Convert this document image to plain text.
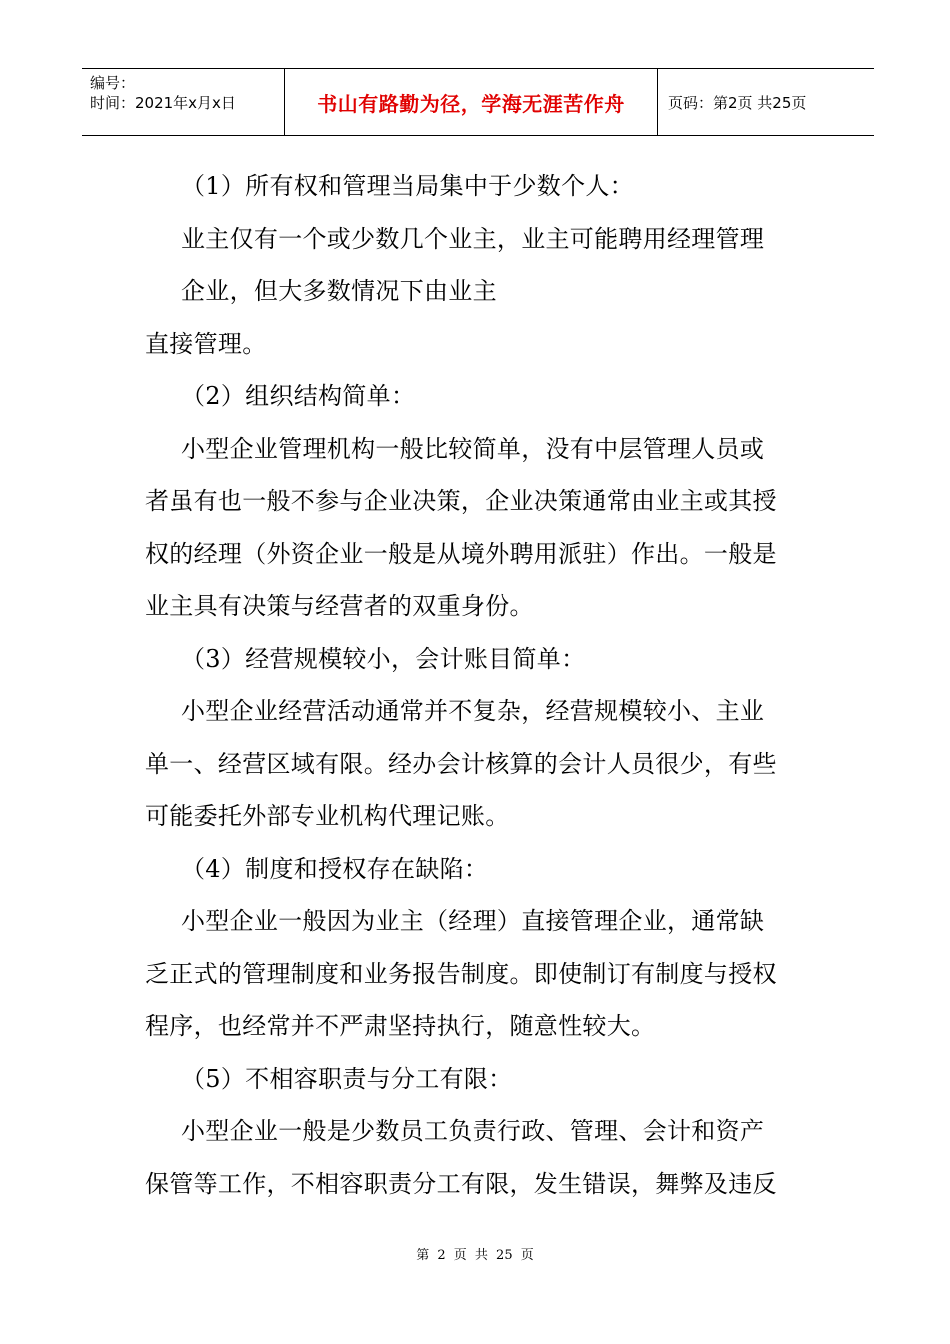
编号：
时间：2021年x月x日	书山有路勤为径，学海无涯苦作舟	页码：第2页 共25页
（1）所有权和管理当局集中于少数个人：
业主仅有一个或少数几个业主，业主可能聘用经理管理
企业，但大多数情况下由业主
直接管理。
（2）组织结构简单：
小型企业管理机构一般比较简单，没有中层管理人员或
者虽有也一般不参与企业决策，企业决策通常由业主或其授
权的经理（外资企业一般是从境外聘用派驻）作出。一般是
业主具有决策与经营者的双重身份。
（3）经营规模较小，会计账目简单：
小型企业经营活动通常并不复杂，经营规模较小、主业
单一、经营区域有限。经办会计核算的会计人员很少，有些
可能委托外部专业机构代理记账。
（4）制度和授权存在缺陷：
小型企业一般因为业主（经理）直接管理企业，通常缺
乏正式的管理制度和业务报告制度。即使制订有制度与授权
程序，也经常并不严肃坚持执行，随意性较大。
（5）不相容职责与分工有限：
小型企业一般是少数员工负责行政、管理、会计和资产
保管等工作，不相容职责分工有限，发生错误，舞弊及违反
第 2 页 共 25 页
